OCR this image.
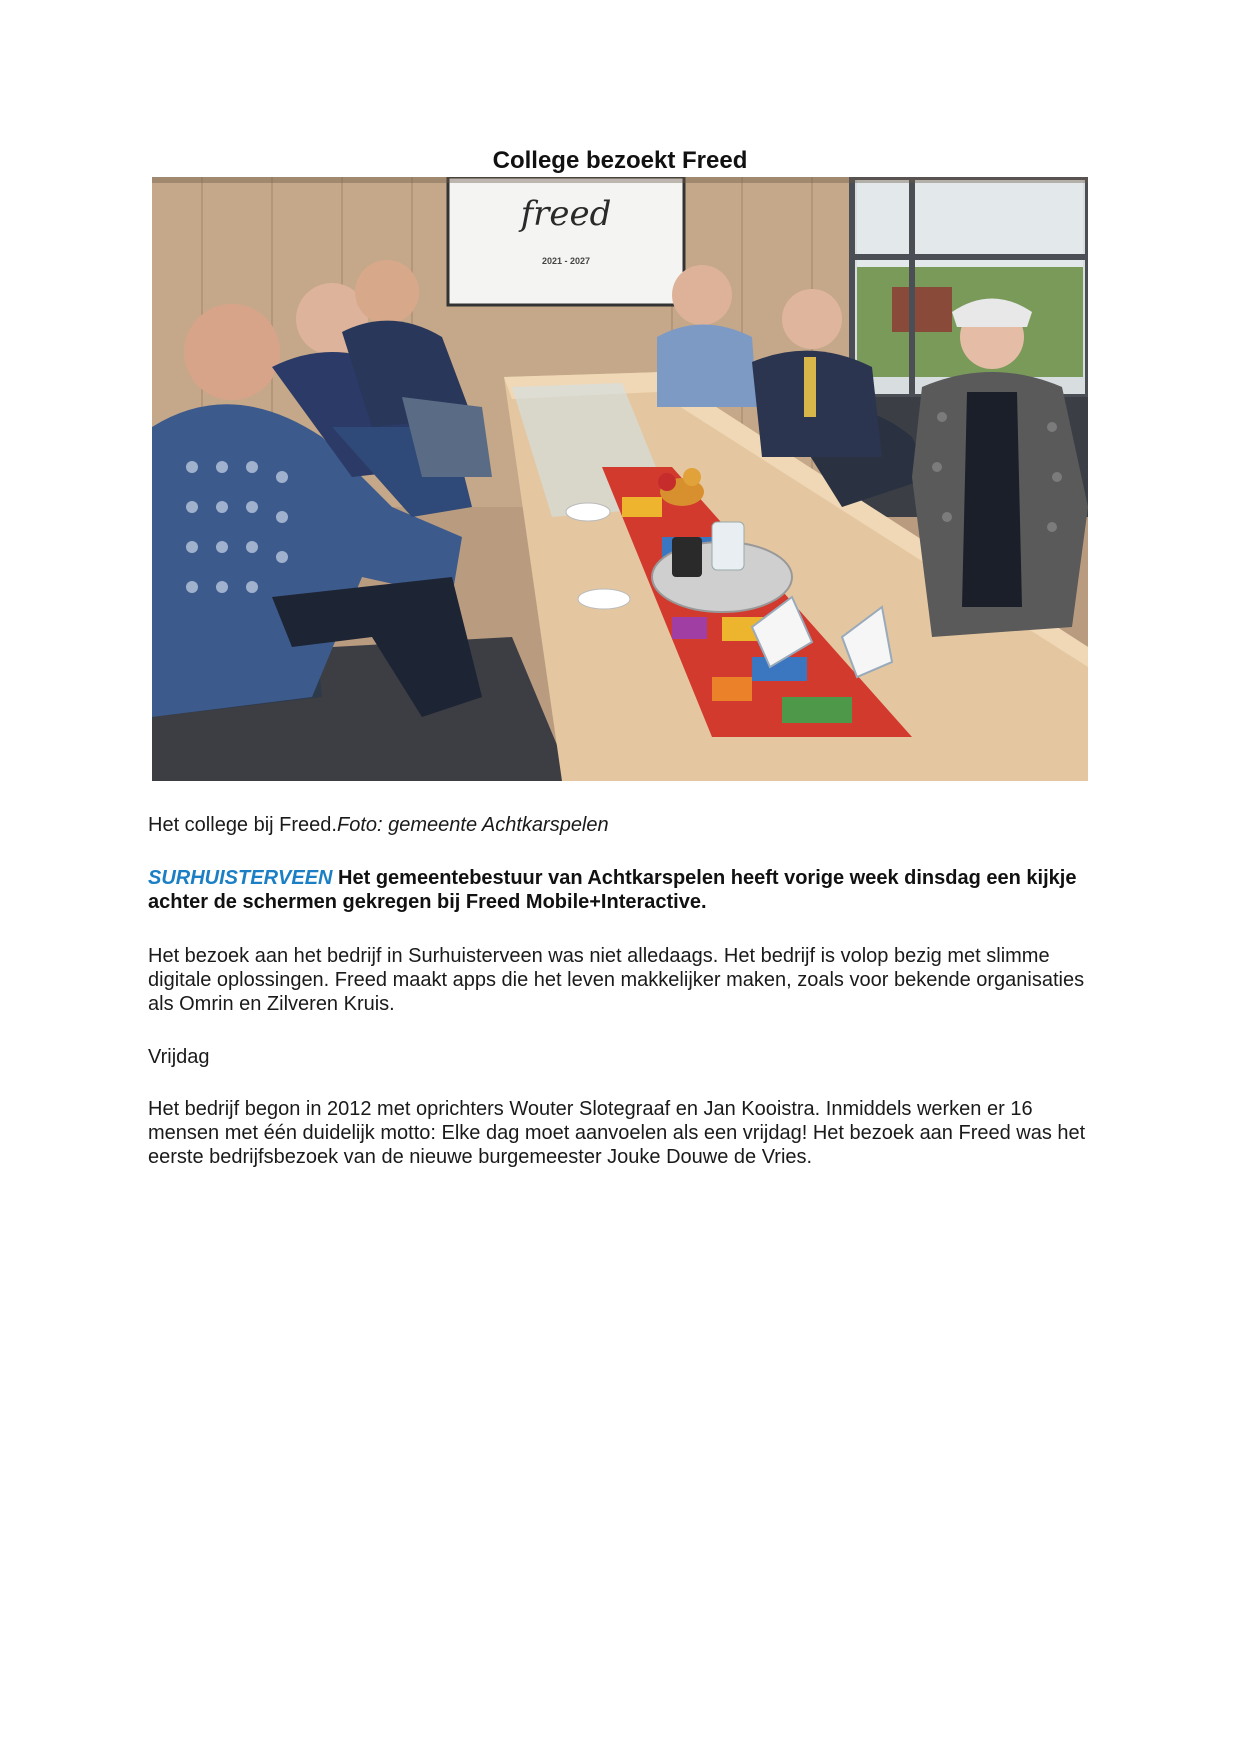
College bezoekt Freed
freed
2021 - 2027
Het college bij Freed.Foto: gemeente Achtkarspelen
SURHUISTERVEEN Het gemeentebestuur van Achtkarspelen heeft vorige week dinsdag een kijkje achter de schermen gekregen bij Freed Mobile+Interactive.
Het bezoek aan het bedrijf in Surhuisterveen was niet alledaags. Het bedrijf is volop bezig met slimme digitale oplossingen. Freed maakt apps die het leven makkelijker maken, zoals voor bekende organisaties als Omrin en Zilveren Kruis.
Vrijdag
Het bedrijf begon in 2012 met oprichters Wouter Slotegraaf en Jan Kooistra. Inmiddels werken er 16 mensen met één duidelijk motto: Elke dag moet aanvoelen als een vrijdag! Het bezoek aan Freed was het eerste bedrijfsbezoek van de nieuwe burgemeester Jouke Douwe de Vries.
